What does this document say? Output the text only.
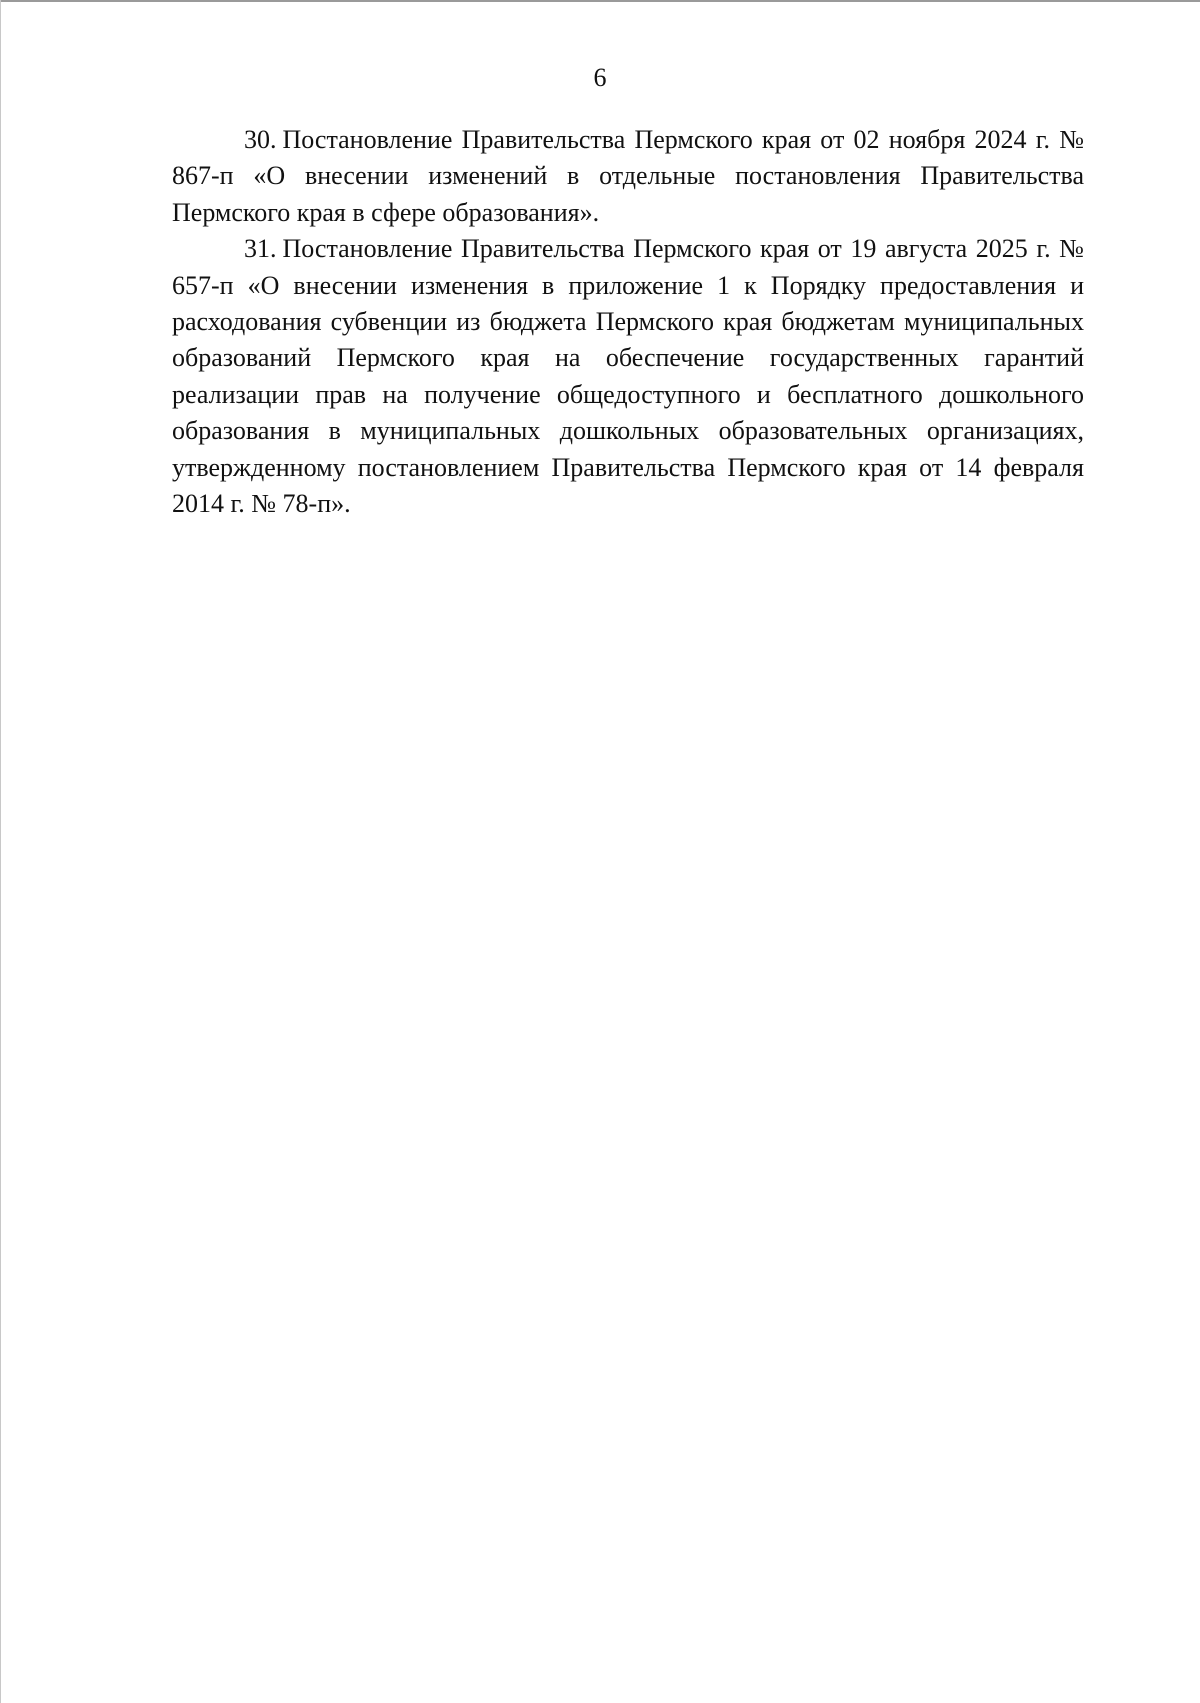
6

30. Постановление Правительства Пермского края от 02 ноября 2024 г. № 867-п «О внесении изменений в отдельные постановления Правительства Пермского края в сфере образования».

31. Постановление Правительства Пермского края от 19 августа 2025 г. № 657-п «О внесении изменения в приложение 1 к Порядку предоставления и расходования субвенции из бюджета Пермского края бюджетам муниципальных образований Пермского края на обеспечение государственных гарантий реализации прав на получение общедоступного и бесплатного дошкольного образования в муниципальных дошкольных образовательных организациях, утвержденному постановлением Правительства Пермского края от 14 февраля 2014 г. № 78-п».
